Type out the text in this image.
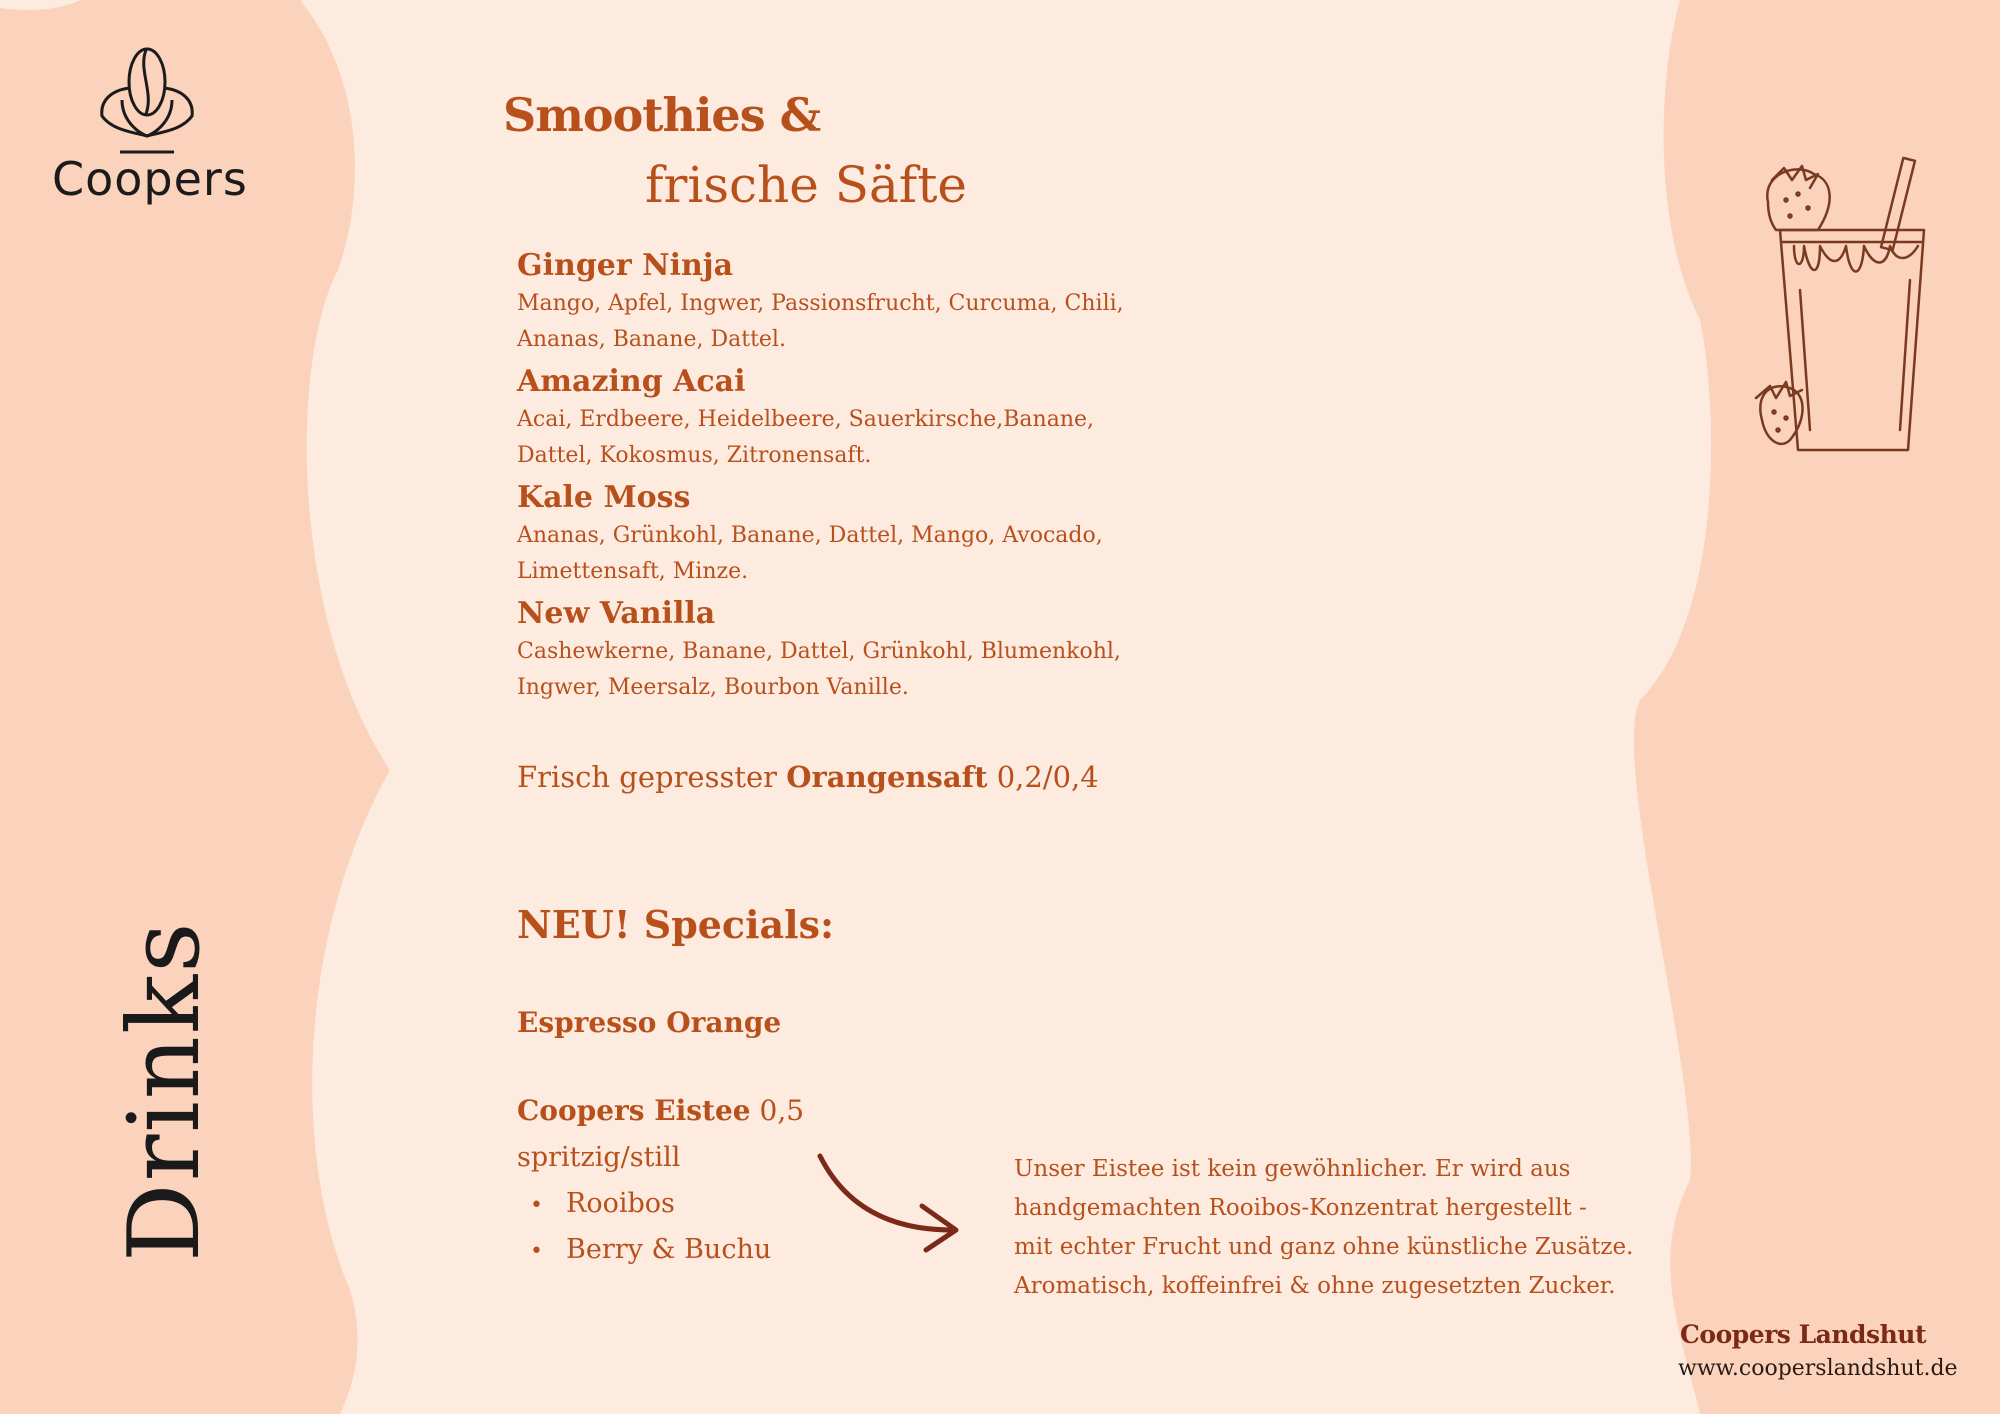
Coopers
Smoothies &
frische Säfte
Ginger Ninja
Mango, Apfel, Ingwer, Passionsfrucht, Curcuma, Chili, Ananas, Banane, Dattel.
Amazing Acai
Acai, Erdbeere, Heidelbeere, Sauerkirsche,Banane, Dattel, Kokosmus, Zitronensaft.
Kale Moss
Ananas, Grünkohl, Banane, Dattel, Mango, Avocado, Limettensaft, Minze.
New Vanilla
Cashewkerne, Banane, Dattel, Grünkohl, Blumenkohl, Ingwer, Meersalz, Bourbon Vanille.
Frisch gepresster Orangensaft 0,2/0,4
NEU! Specials:
Espresso Orange
Coopers Eistee 0,5
spritzig/still
• Rooibos
• Berry & Buchu
Unser Eistee ist kein gewöhnlicher. Er wird aus
handgemachten Rooibos-Konzentrat hergestellt -
mit echter Frucht und ganz ohne künstliche Zusätze.
Aromatisch, koffeinfrei & ohne zugesetzten Zucker.
Coopers Landshut
www.cooperslandshut.de
Drinks
